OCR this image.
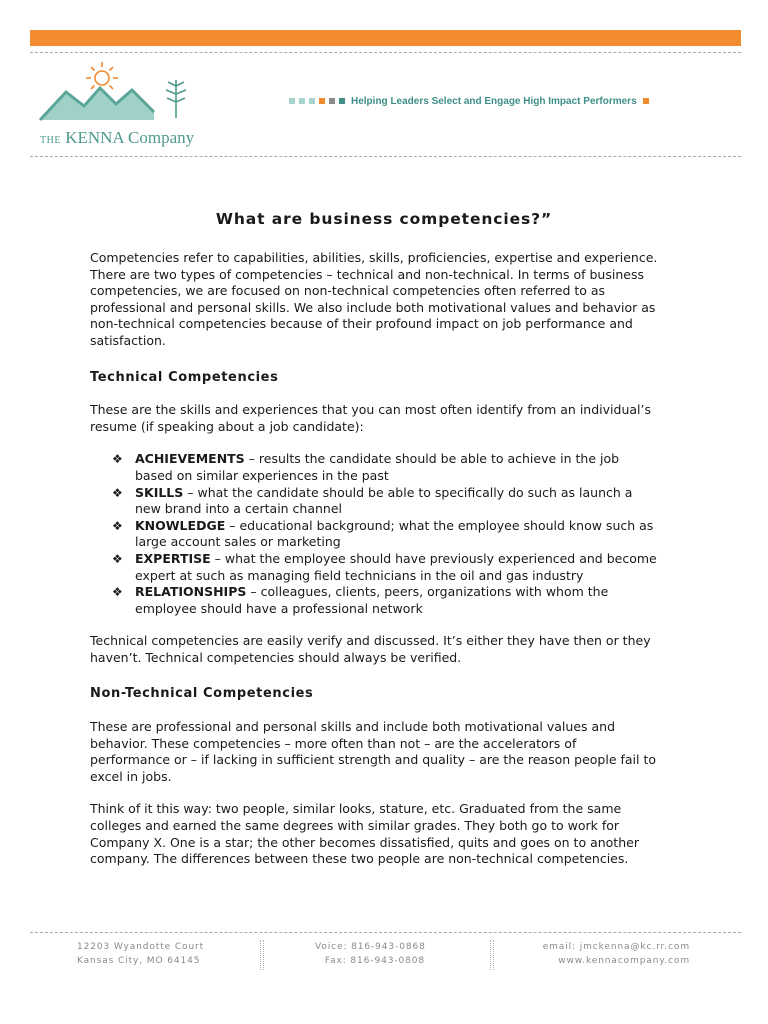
THE KENNA Company
Helping Leaders Select and Engage High Impact Performers
What are business competencies?”

Competencies refer to capabilities, abilities, skills, proficiencies, expertise and experience. There are two types of competencies – technical and non-technical. In terms of business competencies, we are focused on non-technical competencies often referred to as professional and personal skills. We also include both motivational values and behavior as non-technical competencies because of their profound impact on job performance and satisfaction.

Technical Competencies

These are the skills and experiences that you can most often identify from an individual’s resume (if speaking about a job candidate):

❖ ACHIEVEMENTS – results the candidate should be able to achieve in the job based on similar experiences in the past
❖ SKILLS – what the candidate should be able to specifically do such as launch a new brand into a certain channel
❖ KNOWLEDGE – educational background; what the employee should know such as large account sales or marketing
❖ EXPERTISE – what the employee should have previously experienced and become expert at such as managing field technicians in the oil and gas industry
❖ RELATIONSHIPS – colleagues, clients, peers, organizations with whom the employee should have a professional network

Technical competencies are easily verify and discussed. It’s either they have then or they haven’t. Technical competencies should always be verified.

Non-Technical Competencies

These are professional and personal skills and include both motivational values and behavior. These competencies – more often than not – are the accelerators of performance or – if lacking in sufficient strength and quality – are the reason people fail to excel in jobs.

Think of it this way: two people, similar looks, stature, etc. Graduated from the same colleges and earned the same degrees with similar grades. They both go to work for Company X. One is a star; the other becomes dissatisfied, quits and goes on to another company. The differences between these two people are non-technical competencies.

12203 Wyandotte Court
Kansas City, MO 64145
Voice: 816-943-0868
Fax: 816-943-0808
email: jmckenna@kc.rr.com
www.kennacompany.com
